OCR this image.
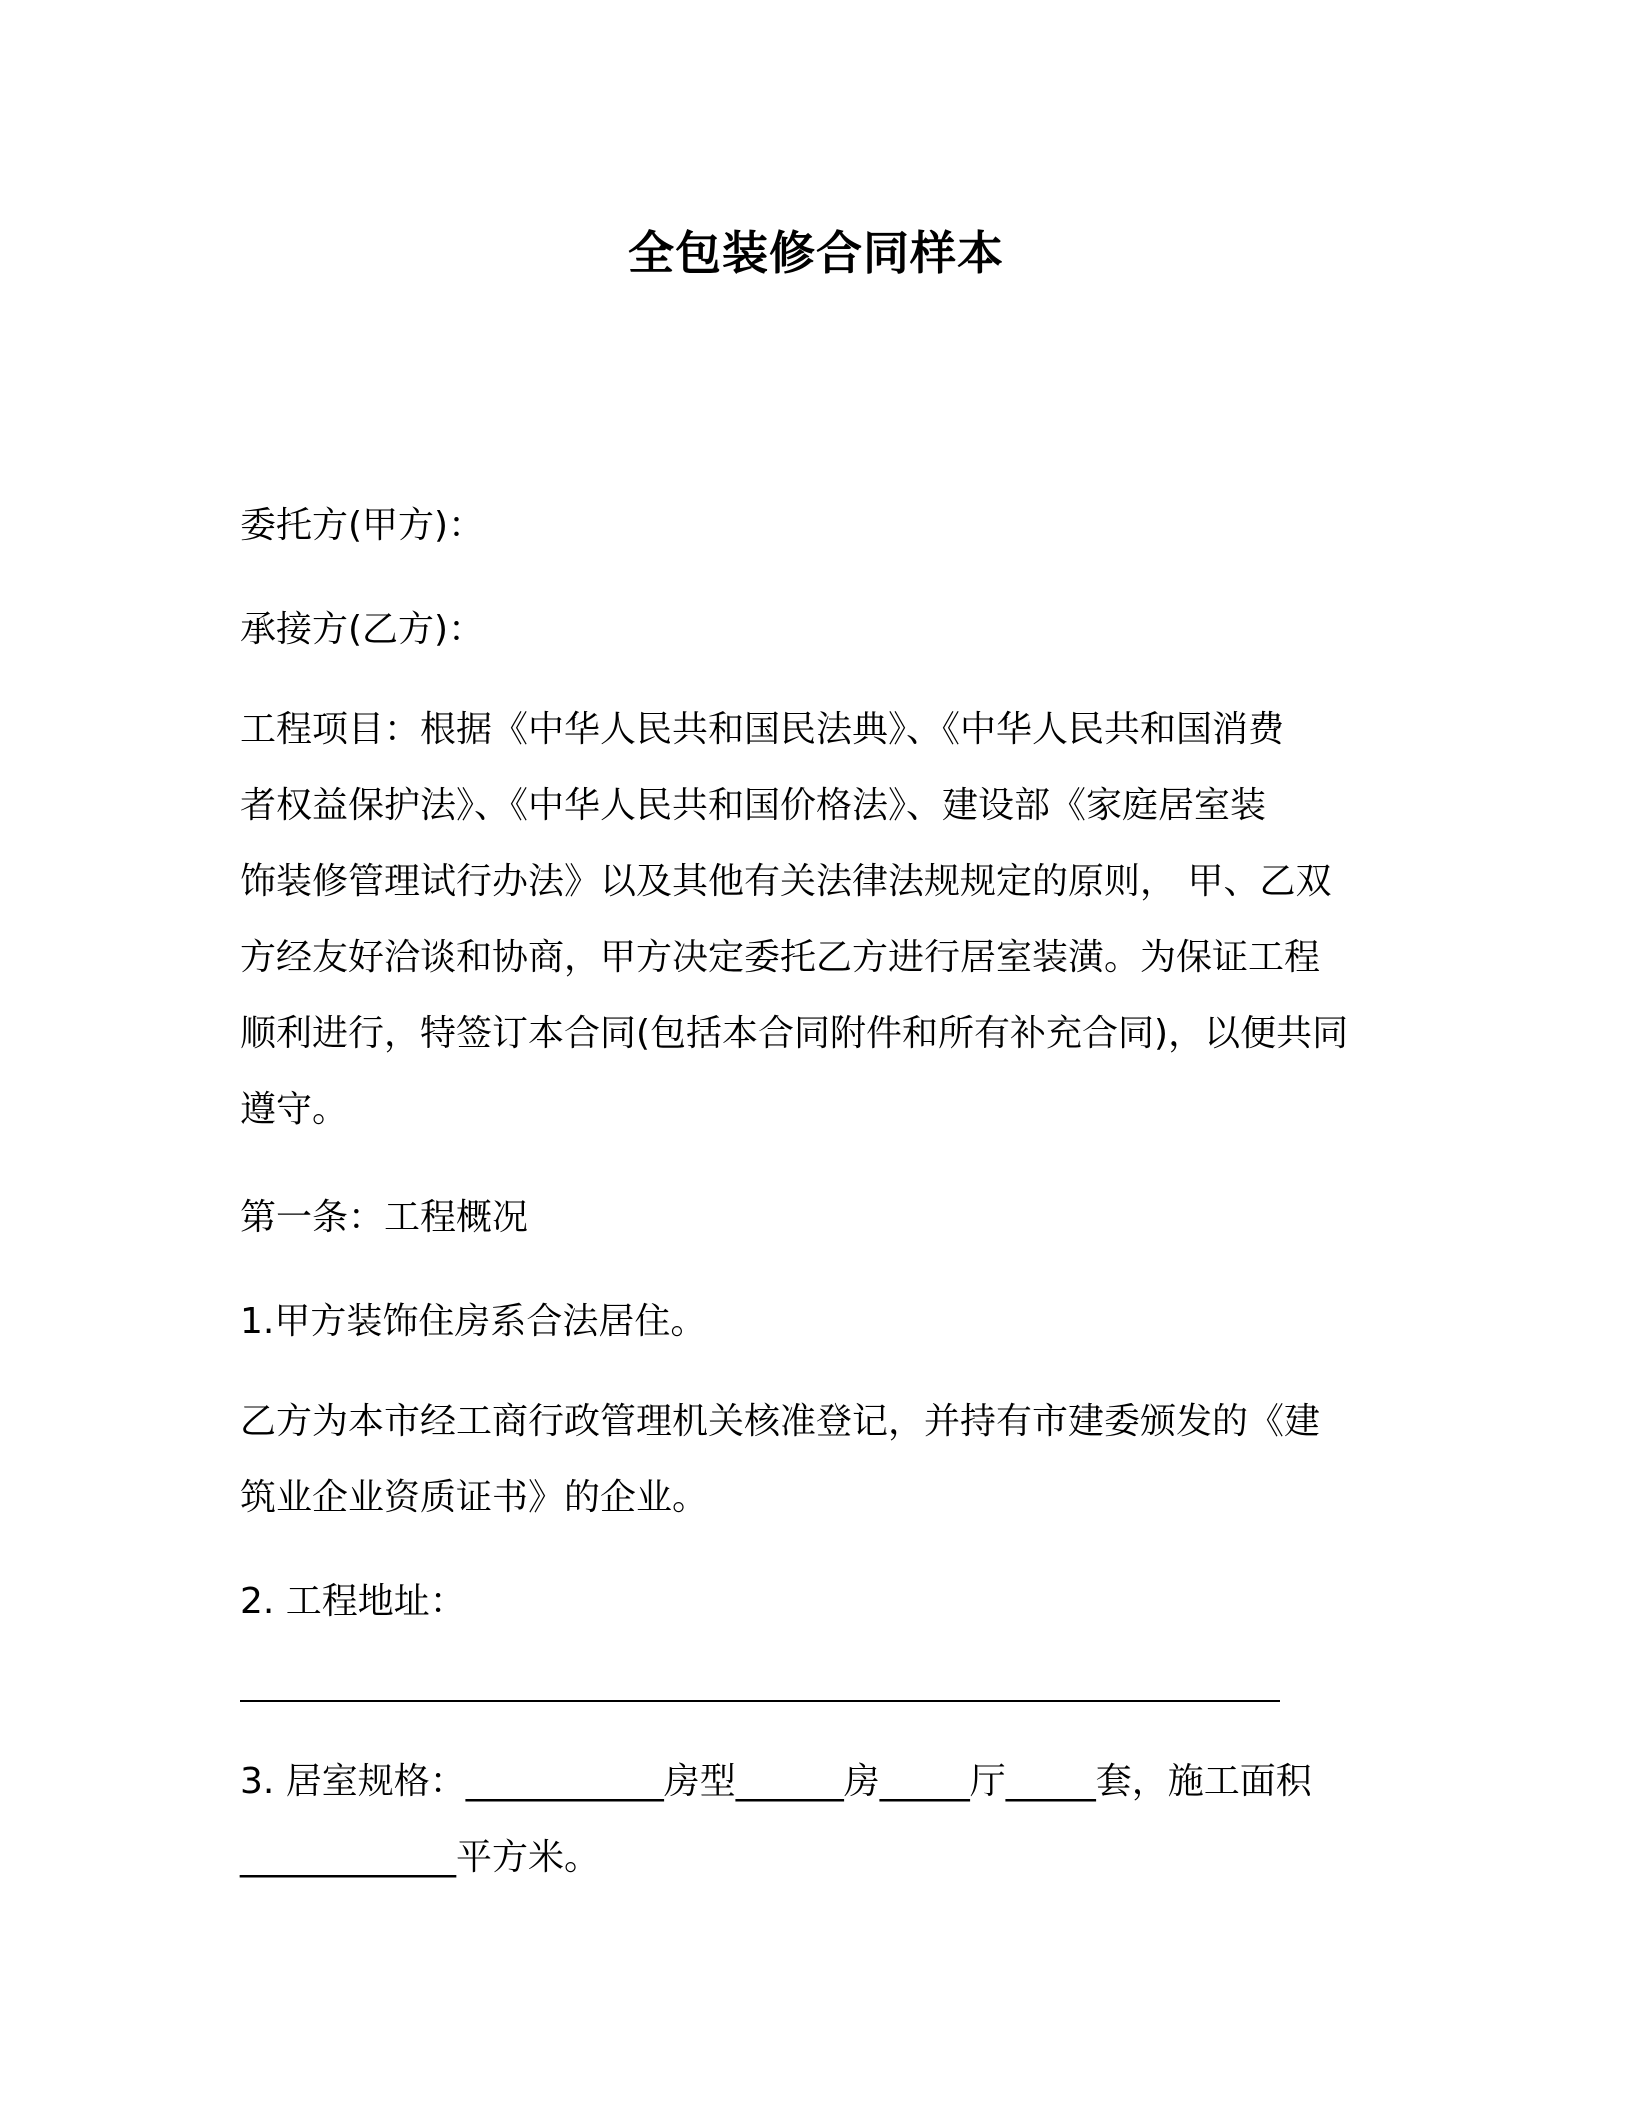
全包装修合同样本

委托方(甲方)：

承接方(乙方)：

工程项目：根据《中华人民共和国民法典》、《中华人民共和国消费
者权益保护法》、《中华人民共和国价格法》、建设部《家庭居室装
饰装修管理试行办法》以及其他有关法律法规规定的原则， 甲、乙双
方经友好洽谈和协商，甲方决定委托乙方进行居室装潢。为保证工程
顺利进行，特签订本合同(包括本合同附件和所有补充合同)，以便共同
遵守。

第一条：工程概况

1.甲方装饰住房系合法居住。

乙方为本市经工商行政管理机关核准登记，并持有市建委颁发的《建
筑业企业资质证书》的企业。

2. 工程地址：

3. 居室规格：___________房型______房_____厅_____套，施工面积
____________平方米。
